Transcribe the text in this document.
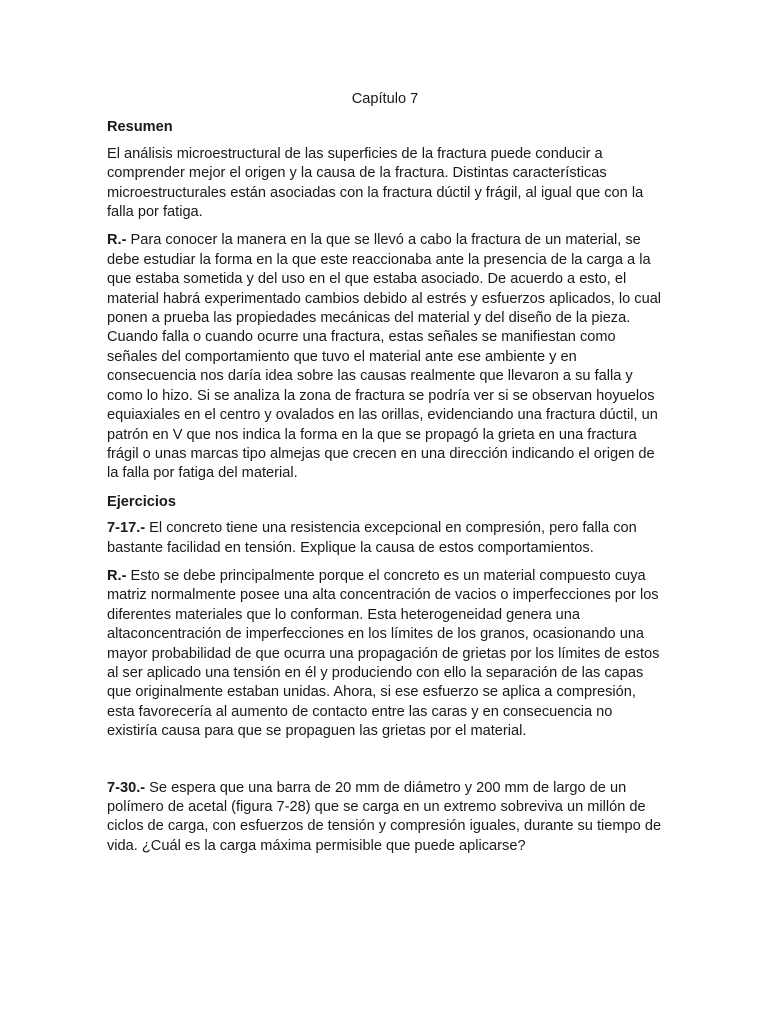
Capítulo 7
Resumen

El análisis microestructural de las superficies de la fractura puede conducir a comprender mejor el origen y la causa de la fractura. Distintas características microestructurales están asociadas con la fractura dúctil y frágil, al igual que con la falla por fatiga.

R.- Para conocer la manera en la que se llevó a cabo la fractura de un material, se debe estudiar la forma en la que este reaccionaba ante la presencia de la carga a la que estaba sometida y del uso en el que estaba asociado. De acuerdo a esto, el material habrá experimentado cambios debido al estrés y esfuerzos aplicados, lo cual ponen a prueba las propiedades mecánicas del material y del diseño de la pieza. Cuando falla o cuando ocurre una fractura, estas señales se manifiestan como señales del comportamiento que tuvo el material ante ese ambiente y en consecuencia nos daría idea sobre las causas realmente que llevaron a su falla y como lo hizo. Si se analiza la zona de fractura se podría ver si se observan hoyuelos equiaxiales en el centro y ovalados en las orillas, evidenciando una fractura dúctil, un patrón en V que nos indica la forma en la que se propagó la grieta en una fractura frágil o unas marcas tipo almejas que crecen en una dirección indicando el origen de la falla por fatiga del material.

Ejercicios

7-17.- El concreto tiene una resistencia excepcional en compresión, pero falla con bastante facilidad en tensión. Explique la causa de estos comportamientos.

R.- Esto se debe principalmente porque el concreto es un material compuesto cuya matriz normalmente posee una alta concentración de vacios o imperfecciones por los diferentes materiales que lo conforman. Esta heterogeneidad genera una altaconcentración de imperfecciones en los límites de los granos, ocasionando una mayor probabilidad de que ocurra una propagación de grietas por los límites de estos al ser aplicado una tensión en él y produciendo con ello la separación de las capas que originalmente estaban unidas. Ahora, si ese esfuerzo se aplica a compresión, esta favorecería al aumento de contacto entre las caras y en consecuencia no existiría causa para que se propaguen las grietas por el material.

7-30.- Se espera que una barra de 20 mm de diámetro y 200 mm de largo de un polímero de acetal (figura 7-28) que se carga en un extremo sobreviva un millón de ciclos de carga, con esfuerzos de tensión y compresión iguales, durante su tiempo de vida. ¿Cuál es la carga máxima permisible que puede aplicarse?
